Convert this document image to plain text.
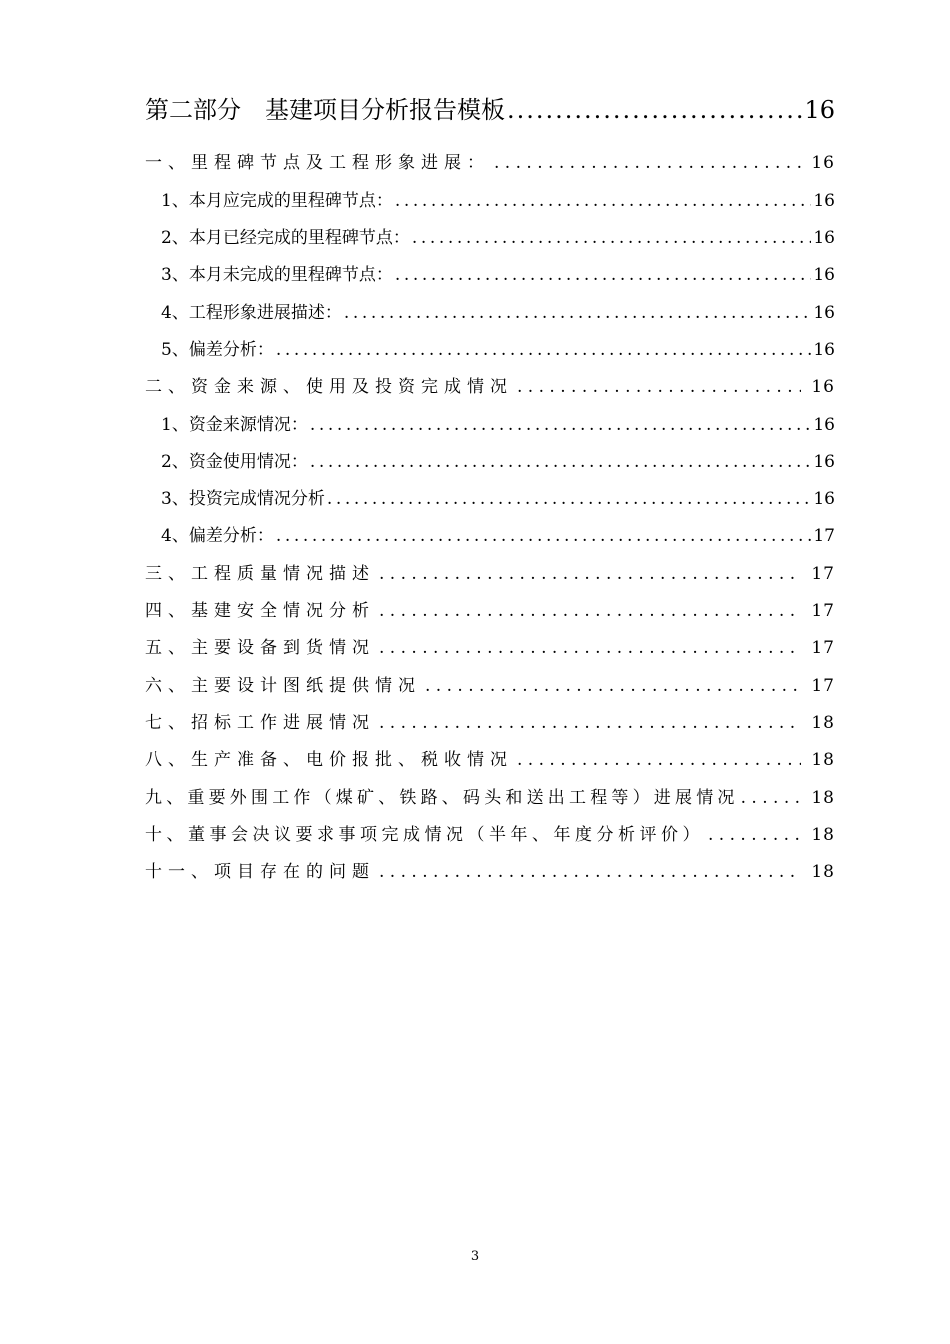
第二部分　基建项目分析报告模板 .....	16
一、里程碑节点及工程形象进展： . . .	16
1、本月应完成的里程碑节点： .....	16
2、本月已经完成的里程碑节点： .....	16
3、本月未完成的里程碑节点： .....	16
4、工程形象进展描述： .....	16
5、偏差分析： .....	16
二、资金来源、使用及投资完成情况 . . .	16
1、资金来源情况： .....	16
2、资金使用情况： .....	16
3、投资完成情况分析 .....	16
4、偏差分析： .....	17
三、工程质量情况描述 . . .	17
四、基建安全情况分析 . . .	17
五、主要设备到货情况 . . .	17
六、主要设计图纸提供情况 . . .	17
七、招标工作进展情况 . . .	18
八、生产准备、电价报批、税收情况 . . .	18
九、重要外围工作（煤矿、铁路、码头和送出工程等）进展情况 . . .	18
十、董事会决议要求事项完成情况（半年、年度分析评价） . . .	18
十一、项目存在的问题 . . .	18
3
